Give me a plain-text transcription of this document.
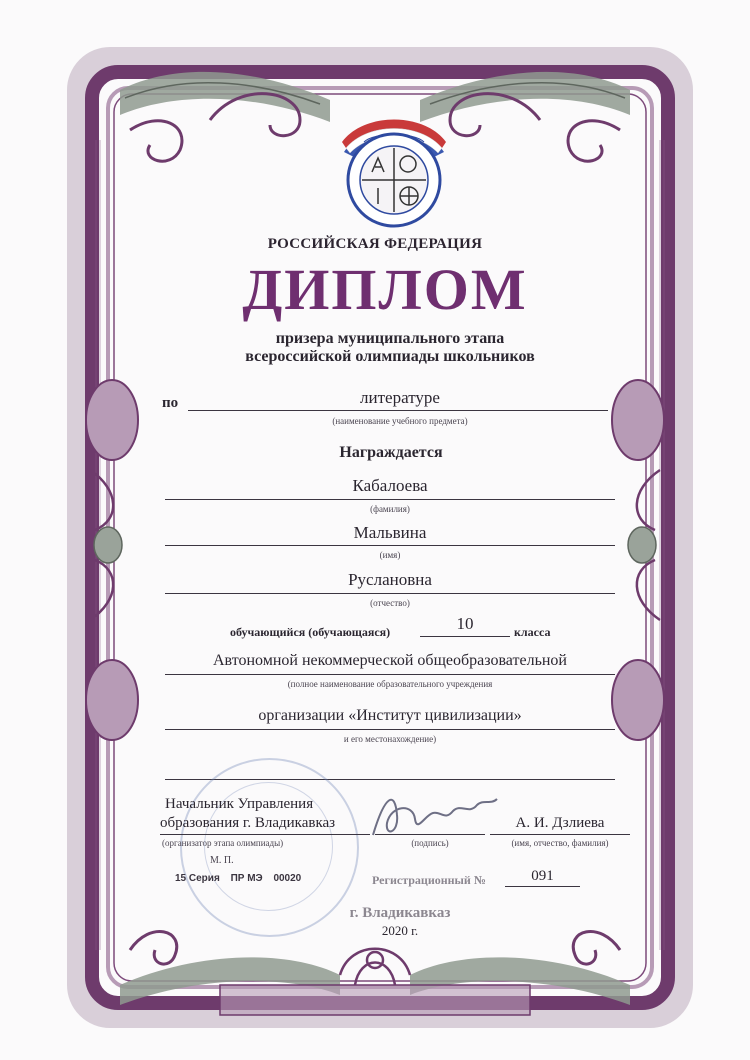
РОССИЙСКАЯ ФЕДЕРАЦИЯ
ДИПЛОМ
призера муниципального этапа
всероссийской олимпиады школьников
по	литературе
(наименование учебного предмета)
Награждается
Кабалоева
(фамилия)
Мальвина
(имя)
Руслановна
(отчество)
обучающийся (обучающаяся)	10	класса
Автономной некоммерческой общеобразовательной
(полное наименование образовательного учреждения
организации «Институт цивилизации»
и его местонахождение)
Начальник Управления
образования г. Владикавказ
(организатор этапа олимпиады)
М. П.
(подпись)
А. И. Дзлиева
(имя, отчество, фамилия)
15 Серия ПР МЭ 00020	Регистрационный №	091
г. Владикавказ
2020 г.
